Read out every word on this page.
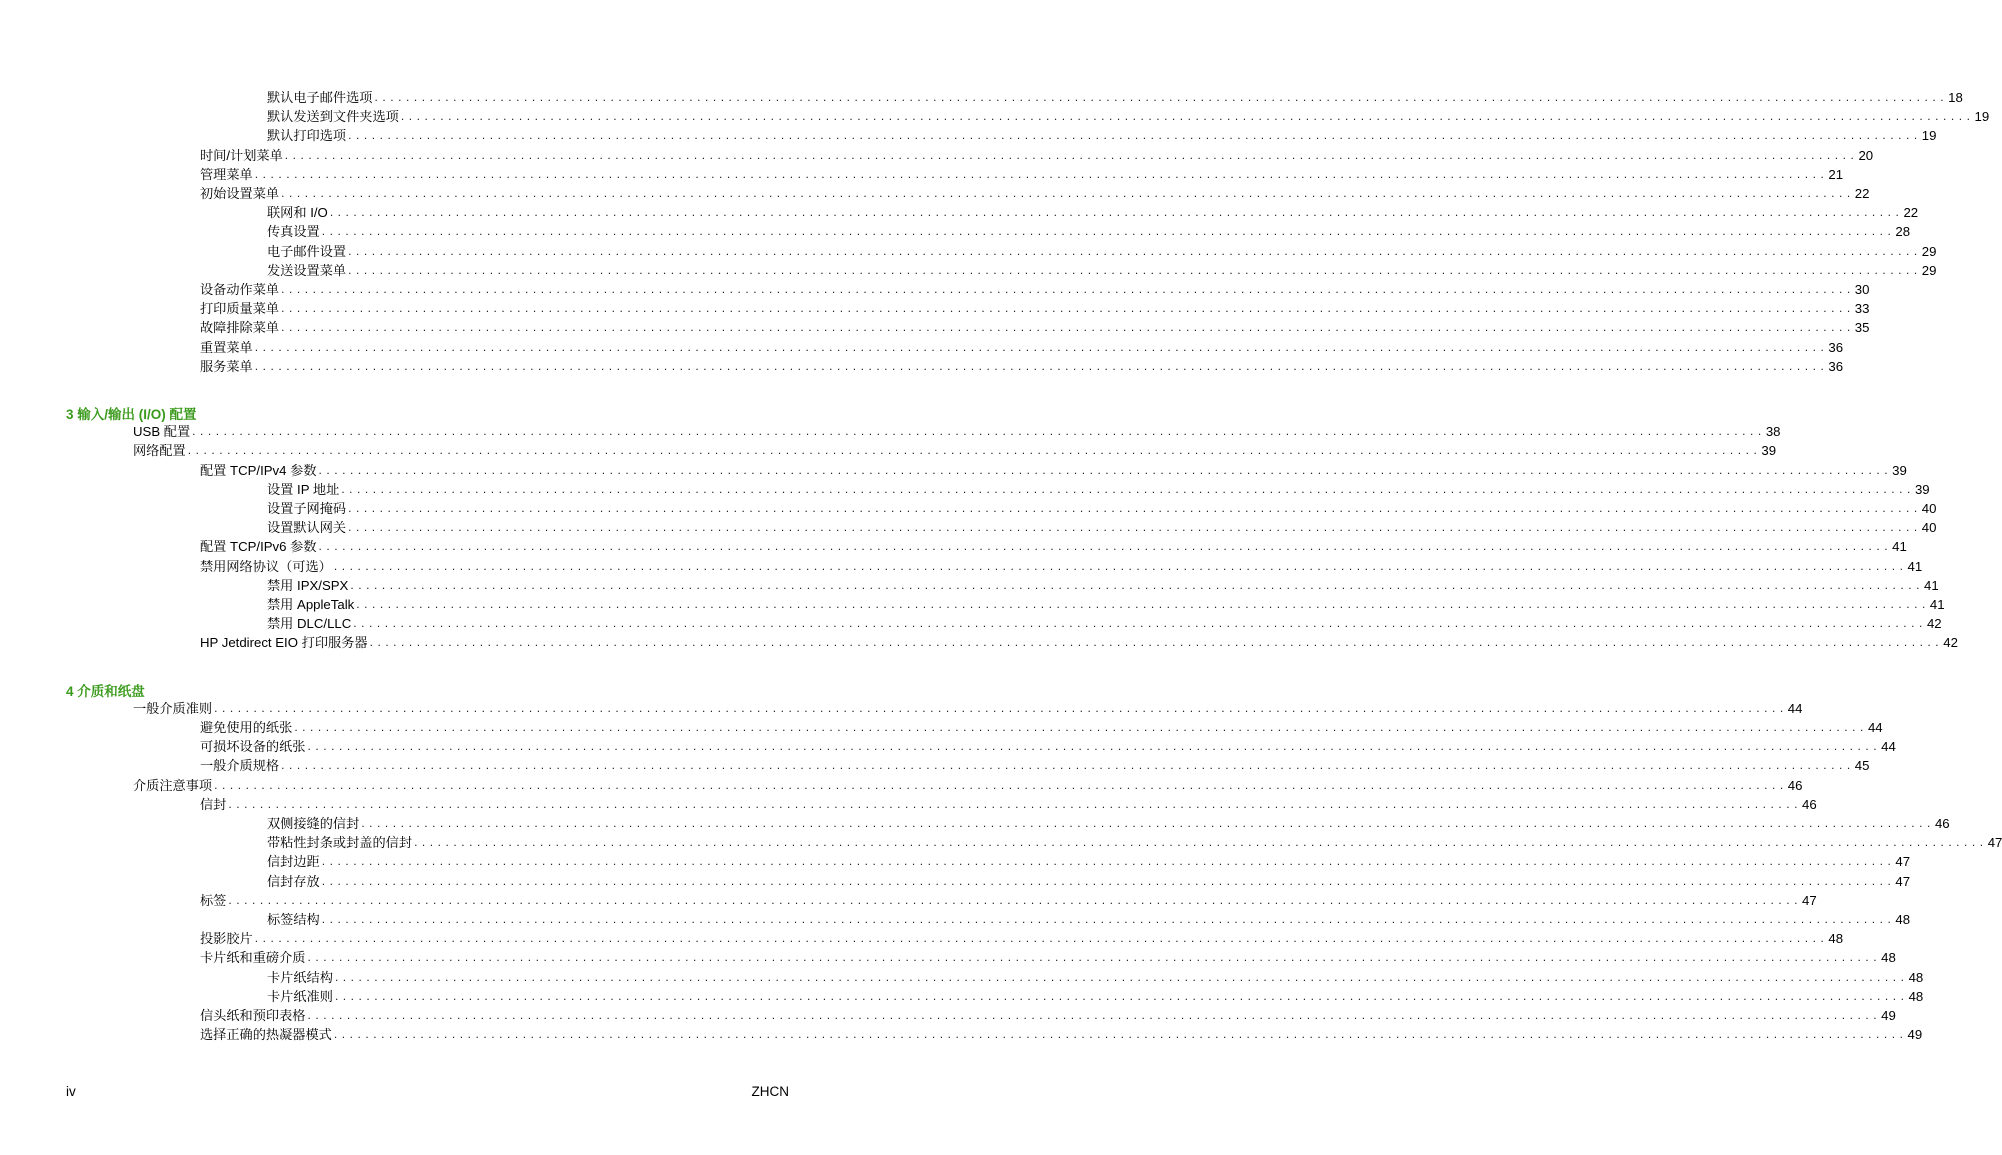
默认电子邮件选项 . . . . . . . . . . . . . . . . . . . . . . . . . . . . . . . . . . . . . . . . . . . . . . . . . . . . . . . . . . . . . . . . . . . . . . . . . . . . . . . . . . . . . . . . . . . . . . . . . . . . . . . . . . . . . . . . . . . . . . . . . . . . . . . . . . . . . . . . . . . . . . . . . . . . . . . . . . . . . . . . . . . . . . . . . . . . . . . . . . . . . . . . . . . . . . . . . . . . . . . . 18
默认发送到文件夹选项 . . . . . . . . . . . . . . . . . . . . . . . . . . . . . . . . . . . . . . . . . . . . . . . . . . . . . . . . . . . . . . . . . . . . . . . . . . . . . . . . . . . . . . . . . . . . . . . . . . . . . . . . . . . . . . . . . . . . . . . . . . . . . . . . . . . . . . . . . . . . . . . . . . . . . . . . . . . . . . . . . . . . . . . . . . . . . . . . . . . . . . . . . . . . . . . . . . . . . . . . 19
默认打印选项 . . . . . . . . . . . . . . . . . . . . . . . . . . . . . . . . . . . . . . . . . . . . . . . . . . . . . . . . . . . . . . . . . . . . . . . . . . . . . . . . . . . . . . . . . . . . . . . . . . . . . . . . . . . . . . . . . . . . . . . . . . . . . . . . . . . . . . . . . . . . . . . . . . . . . . . . . . . . . . . . . . . . . . . . . . . . . . . . . . . . . . . . . . . . . . . . . . . . . . . . 19
时间/计划菜单 . . . . . . . . . . . . . . . . . . . . . . . . . . . . . . . . . . . . . . . . . . . . . . . . . . . . . . . . . . . . . . . . . . . . . . . . . . . . . . . . . . . . . . . . . . . . . . . . . . . . . . . . . . . . . . . . . . . . . . . . . . . . . . . . . . . . . . . . . . . . . . . . . . . . . . . . . . . . . . . . . . . . . . . . . . . . . . . . . . . . . . . . . . . . . . . . . . . . . . . . 20
管理菜单 . . . . . . . . . . . . . . . . . . . . . . . . . . . . . . . . . . . . . . . . . . . . . . . . . . . . . . . . . . . . . . . . . . . . . . . . . . . . . . . . . . . . . . . . . . . . . . . . . . . . . . . . . . . . . . . . . . . . . . . . . . . . . . . . . . . . . . . . . . . . . . . . . . . . . . . . . . . . . . . . . . . . . . . . . . . . . . . . . . . . . . . . . . . . . . . . . . . . . . . . 21
初始设置菜单 . . . . . . . . . . . . . . . . . . . . . . . . . . . . . . . . . . . . . . . . . . . . . . . . . . . . . . . . . . . . . . . . . . . . . . . . . . . . . . . . . . . . . . . . . . . . . . . . . . . . . . . . . . . . . . . . . . . . . . . . . . . . . . . . . . . . . . . . . . . . . . . . . . . . . . . . . . . . . . . . . . . . . . . . . . . . . . . . . . . . . . . . . . . . . . . . . . . . . . . . 22
联网和 I/O . . . . . . . . . . . . . . . . . . . . . . . . . . . . . . . . . . . . . . . . . . . . . . . . . . . . . . . . . . . . . . . . . . . . . . . . . . . . . . . . . . . . . . . . . . . . . . . . . . . . . . . . . . . . . . . . . . . . . . . . . . . . . . . . . . . . . . . . . . . . . . . . . . . . . . . . . . . . . . . . . . . . . . . . . . . . . . . . . . . . . . . . . . . . . . . . . . . . . . . . 22
传真设置 . . . . . . . . . . . . . . . . . . . . . . . . . . . . . . . . . . . . . . . . . . . . . . . . . . . . . . . . . . . . . . . . . . . . . . . . . . . . . . . . . . . . . . . . . . . . . . . . . . . . . . . . . . . . . . . . . . . . . . . . . . . . . . . . . . . . . . . . . . . . . . . . . . . . . . . . . . . . . . . . . . . . . . . . . . . . . . . . . . . . . . . . . . . . . . . . . . . . . . . . 28
电子邮件设置 . . . . . . . . . . . . . . . . . . . . . . . . . . . . . . . . . . . . . . . . . . . . . . . . . . . . . . . . . . . . . . . . . . . . . . . . . . . . . . . . . . . . . . . . . . . . . . . . . . . . . . . . . . . . . . . . . . . . . . . . . . . . . . . . . . . . . . . . . . . . . . . . . . . . . . . . . . . . . . . . . . . . . . . . . . . . . . . . . . . . . . . . . . . . . . . . . . . . . . . . 29
发送设置菜单 . . . . . . . . . . . . . . . . . . . . . . . . . . . . . . . . . . . . . . . . . . . . . . . . . . . . . . . . . . . . . . . . . . . . . . . . . . . . . . . . . . . . . . . . . . . . . . . . . . . . . . . . . . . . . . . . . . . . . . . . . . . . . . . . . . . . . . . . . . . . . . . . . . . . . . . . . . . . . . . . . . . . . . . . . . . . . . . . . . . . . . . . . . . . . . . . . . . . . . . . 29
设备动作菜单 . . . . . . . . . . . . . . . . . . . . . . . . . . . . . . . . . . . . . . . . . . . . . . . . . . . . . . . . . . . . . . . . . . . . . . . . . . . . . . . . . . . . . . . . . . . . . . . . . . . . . . . . . . . . . . . . . . . . . . . . . . . . . . . . . . . . . . . . . . . . . . . . . . . . . . . . . . . . . . . . . . . . . . . . . . . . . . . . . . . . . . . . . . . . . . . . . . . . . . . . 30
打印质量菜单 . . . . . . . . . . . . . . . . . . . . . . . . . . . . . . . . . . . . . . . . . . . . . . . . . . . . . . . . . . . . . . . . . . . . . . . . . . . . . . . . . . . . . . . . . . . . . . . . . . . . . . . . . . . . . . . . . . . . . . . . . . . . . . . . . . . . . . . . . . . . . . . . . . . . . . . . . . . . . . . . . . . . . . . . . . . . . . . . . . . . . . . . . . . . . . . . . . . . . . . . 33
故障排除菜单 . . . . . . . . . . . . . . . . . . . . . . . . . . . . . . . . . . . . . . . . . . . . . . . . . . . . . . . . . . . . . . . . . . . . . . . . . . . . . . . . . . . . . . . . . . . . . . . . . . . . . . . . . . . . . . . . . . . . . . . . . . . . . . . . . . . . . . . . . . . . . . . . . . . . . . . . . . . . . . . . . . . . . . . . . . . . . . . . . . . . . . . . . . . . . . . . . . . . . . . . 35
重置菜单 . . . . . . . . . . . . . . . . . . . . . . . . . . . . . . . . . . . . . . . . . . . . . . . . . . . . . . . . . . . . . . . . . . . . . . . . . . . . . . . . . . . . . . . . . . . . . . . . . . . . . . . . . . . . . . . . . . . . . . . . . . . . . . . . . . . . . . . . . . . . . . . . . . . . . . . . . . . . . . . . . . . . . . . . . . . . . . . . . . . . . . . . . . . . . . . . . . . . . . . . 36
服务菜单 . . . . . . . . . . . . . . . . . . . . . . . . . . . . . . . . . . . . . . . . . . . . . . . . . . . . . . . . . . . . . . . . . . . . . . . . . . . . . . . . . . . . . . . . . . . . . . . . . . . . . . . . . . . . . . . . . . . . . . . . . . . . . . . . . . . . . . . . . . . . . . . . . . . . . . . . . . . . . . . . . . . . . . . . . . . . . . . . . . . . . . . . . . . . . . . . . . . . . . . . 36
3 输入/输出 (I/O) 配置
USB 配置 . . . . . . . . . . . . . . . . . . . . . . . . . . . . . . . . . . . . . . . . . . . . . . . . . . . . . . . . . . . . . . . . . . . . . . . . . . . . . . . . . . . . . . . . . . . . . . . . . . . . . . . . . . . . . . . . . . . . . . . . . . . . . . . . . . . . . . . . . . . . . . . . . . . . . . . . . . . . . . . . . . . . . . . . . . . . . . . . . . . . . . . . . . . . . . . . . . . . . . . . 38
网络配置 . . . . . . . . . . . . . . . . . . . . . . . . . . . . . . . . . . . . . . . . . . . . . . . . . . . . . . . . . . . . . . . . . . . . . . . . . . . . . . . . . . . . . . . . . . . . . . . . . . . . . . . . . . . . . . . . . . . . . . . . . . . . . . . . . . . . . . . . . . . . . . . . . . . . . . . . . . . . . . . . . . . . . . . . . . . . . . . . . . . . . . . . . . . . . . . . . . . . . . . . 39
配置 TCP/IPv4 参数 . . . . . . . . . . . . . . . . . . . . . . . . . . . . . . . . . . . . . . . . . . . . . . . . . . . . . . . . . . . . . . . . . . . . . . . . . . . . . . . . . . . . . . . . . . . . . . . . . . . . . . . . . . . . . . . . . . . . . . . . . . . . . . . . . . . . . . . . . . . . . . . . . . . . . . . . . . . . . . . . . . . . . . . . . . . . . . . . . . . . . . . . . . . . . . . . . . . . . . . . 39
设置 IP 地址 . . . . . . . . . . . . . . . . . . . . . . . . . . . . . . . . . . . . . . . . . . . . . . . . . . . . . . . . . . . . . . . . . . . . . . . . . . . . . . . . . . . . . . . . . . . . . . . . . . . . . . . . . . . . . . . . . . . . . . . . . . . . . . . . . . . . . . . . . . . . . . . . . . . . . . . . . . . . . . . . . . . . . . . . . . . . . . . . . . . . . . . . . . . . . . . . . . . . . . . . 39
设置子网掩码 . . . . . . . . . . . . . . . . . . . . . . . . . . . . . . . . . . . . . . . . . . . . . . . . . . . . . . . . . . . . . . . . . . . . . . . . . . . . . . . . . . . . . . . . . . . . . . . . . . . . . . . . . . . . . . . . . . . . . . . . . . . . . . . . . . . . . . . . . . . . . . . . . . . . . . . . . . . . . . . . . . . . . . . . . . . . . . . . . . . . . . . . . . . . . . . . . . . . . . . . 40
设置默认网关 . . . . . . . . . . . . . . . . . . . . . . . . . . . . . . . . . . . . . . . . . . . . . . . . . . . . . . . . . . . . . . . . . . . . . . . . . . . . . . . . . . . . . . . . . . . . . . . . . . . . . . . . . . . . . . . . . . . . . . . . . . . . . . . . . . . . . . . . . . . . . . . . . . . . . . . . . . . . . . . . . . . . . . . . . . . . . . . . . . . . . . . . . . . . . . . . . . . . . . . . 40
配置 TCP/IPv6 参数 . . . . . . . . . . . . . . . . . . . . . . . . . . . . . . . . . . . . . . . . . . . . . . . . . . . . . . . . . . . . . . . . . . . . . . . . . . . . . . . . . . . . . . . . . . . . . . . . . . . . . . . . . . . . . . . . . . . . . . . . . . . . . . . . . . . . . . . . . . . . . . . . . . . . . . . . . . . . . . . . . . . . . . . . . . . . . . . . . . . . . . . . . . . . . . . . . . . . . . . . 41
禁用网络协议（可选） . . . . . . . . . . . . . . . . . . . . . . . . . . . . . . . . . . . . . . . . . . . . . . . . . . . . . . . . . . . . . . . . . . . . . . . . . . . . . . . . . . . . . . . . . . . . . . . . . . . . . . . . . . . . . . . . . . . . . . . . . . . . . . . . . . . . . . . . . . . . . . . . . . . . . . . . . . . . . . . . . . . . . . . . . . . . . . . . . . . . . . . . . . . . . . . . . . . . . . . . 41
禁用 IPX/SPX . . . . . . . . . . . . . . . . . . . . . . . . . . . . . . . . . . . . . . . . . . . . . . . . . . . . . . . . . . . . . . . . . . . . . . . . . . . . . . . . . . . . . . . . . . . . . . . . . . . . . . . . . . . . . . . . . . . . . . . . . . . . . . . . . . . . . . . . . . . . . . . . . . . . . . . . . . . . . . . . . . . . . . . . . . . . . . . . . . . . . . . . . . . . . . . . . . . . . . . . 41
禁用 AppleTalk . . . . . . . . . . . . . . . . . . . . . . . . . . . . . . . . . . . . . . . . . . . . . . . . . . . . . . . . . . . . . . . . . . . . . . . . . . . . . . . . . . . . . . . . . . . . . . . . . . . . . . . . . . . . . . . . . . . . . . . . . . . . . . . . . . . . . . . . . . . . . . . . . . . . . . . . . . . . . . . . . . . . . . . . . . . . . . . . . . . . . . . . . . . . . . . . . . . . . . . . 41
禁用 DLC/LLC . . . . . . . . . . . . . . . . . . . . . . . . . . . . . . . . . . . . . . . . . . . . . . . . . . . . . . . . . . . . . . . . . . . . . . . . . . . . . . . . . . . . . . . . . . . . . . . . . . . . . . . . . . . . . . . . . . . . . . . . . . . . . . . . . . . . . . . . . . . . . . . . . . . . . . . . . . . . . . . . . . . . . . . . . . . . . . . . . . . . . . . . . . . . . . . . . . . . . . . . 42
HP Jetdirect EIO 打印服务器 . . . . . . . . . . . . . . . . . . . . . . . . . . . . . . . . . . . . . . . . . . . . . . . . . . . . . . . . . . . . . . . . . . . . . . . . . . . . . . . . . . . . . . . . . . . . . . . . . . . . . . . . . . . . . . . . . . . . . . . . . . . . . . . . . . . . . . . . . . . . . . . . . . . . . . . . . . . . . . . . . . . . . . . . . . . . . . . . . . . . . . . . . . . . . . . . . . . . . . . . 42
4 介质和纸盘
一般介质准则 . . . . . . . . . . . . . . . . . . . . . . . . . . . . . . . . . . . . . . . . . . . . . . . . . . . . . . . . . . . . . . . . . . . . . . . . . . . . . . . . . . . . . . . . . . . . . . . . . . . . . . . . . . . . . . . . . . . . . . . . . . . . . . . . . . . . . . . . . . . . . . . . . . . . . . . . . . . . . . . . . . . . . . . . . . . . . . . . . . . . . . . . . . . . . . . . . . . . . . . . 44
避免使用的纸张 . . . . . . . . . . . . . . . . . . . . . . . . . . . . . . . . . . . . . . . . . . . . . . . . . . . . . . . . . . . . . . . . . . . . . . . . . . . . . . . . . . . . . . . . . . . . . . . . . . . . . . . . . . . . . . . . . . . . . . . . . . . . . . . . . . . . . . . . . . . . . . . . . . . . . . . . . . . . . . . . . . . . . . . . . . . . . . . . . . . . . . . . . . . . . . . . . . . . . . . . 44
可损坏设备的纸张 . . . . . . . . . . . . . . . . . . . . . . . . . . . . . . . . . . . . . . . . . . . . . . . . . . . . . . . . . . . . . . . . . . . . . . . . . . . . . . . . . . . . . . . . . . . . . . . . . . . . . . . . . . . . . . . . . . . . . . . . . . . . . . . . . . . . . . . . . . . . . . . . . . . . . . . . . . . . . . . . . . . . . . . . . . . . . . . . . . . . . . . . . . . . . . . . . . . . . . . . 44
一般介质规格 . . . . . . . . . . . . . . . . . . . . . . . . . . . . . . . . . . . . . . . . . . . . . . . . . . . . . . . . . . . . . . . . . . . . . . . . . . . . . . . . . . . . . . . . . . . . . . . . . . . . . . . . . . . . . . . . . . . . . . . . . . . . . . . . . . . . . . . . . . . . . . . . . . . . . . . . . . . . . . . . . . . . . . . . . . . . . . . . . . . . . . . . . . . . . . . . . . . . . . . . 45
介质注意事项 . . . . . . . . . . . . . . . . . . . . . . . . . . . . . . . . . . . . . . . . . . . . . . . . . . . . . . . . . . . . . . . . . . . . . . . . . . . . . . . . . . . . . . . . . . . . . . . . . . . . . . . . . . . . . . . . . . . . . . . . . . . . . . . . . . . . . . . . . . . . . . . . . . . . . . . . . . . . . . . . . . . . . . . . . . . . . . . . . . . . . . . . . . . . . . . . . . . . . . . . 46
信封 . . . . . . . . . . . . . . . . . . . . . . . . . . . . . . . . . . . . . . . . . . . . . . . . . . . . . . . . . . . . . . . . . . . . . . . . . . . . . . . . . . . . . . . . . . . . . . . . . . . . . . . . . . . . . . . . . . . . . . . . . . . . . . . . . . . . . . . . . . . . . . . . . . . . . . . . . . . . . . . . . . . . . . . . . . . . . . . . . . . . . . . . . . . . . . . . . . . . . . . . 46
双侧接缝的信封 . . . . . . . . . . . . . . . . . . . . . . . . . . . . . . . . . . . . . . . . . . . . . . . . . . . . . . . . . . . . . . . . . . . . . . . . . . . . . . . . . . . . . . . . . . . . . . . . . . . . . . . . . . . . . . . . . . . . . . . . . . . . . . . . . . . . . . . . . . . . . . . . . . . . . . . . . . . . . . . . . . . . . . . . . . . . . . . . . . . . . . . . . . . . . . . . . . . . . . . . 46
带粘性封条或封盖的信封 . . . . . . . . . . . . . . . . . . . . . . . . . . . . . . . . . . . . . . . . . . . . . . . . . . . . . . . . . . . . . . . . . . . . . . . . . . . . . . . . . . . . . . . . . . . . . . . . . . . . . . . . . . . . . . . . . . . . . . . . . . . . . . . . . . . . . . . . . . . . . . . . . . . . . . . . . . . . . . . . . . . . . . . . . . . . . . . . . . . . . . . . . . . . . . . . . . . . . . . . 47
信封边距 . . . . . . . . . . . . . . . . . . . . . . . . . . . . . . . . . . . . . . . . . . . . . . . . . . . . . . . . . . . . . . . . . . . . . . . . . . . . . . . . . . . . . . . . . . . . . . . . . . . . . . . . . . . . . . . . . . . . . . . . . . . . . . . . . . . . . . . . . . . . . . . . . . . . . . . . . . . . . . . . . . . . . . . . . . . . . . . . . . . . . . . . . . . . . . . . . . . . . . . . 47
信封存放 . . . . . . . . . . . . . . . . . . . . . . . . . . . . . . . . . . . . . . . . . . . . . . . . . . . . . . . . . . . . . . . . . . . . . . . . . . . . . . . . . . . . . . . . . . . . . . . . . . . . . . . . . . . . . . . . . . . . . . . . . . . . . . . . . . . . . . . . . . . . . . . . . . . . . . . . . . . . . . . . . . . . . . . . . . . . . . . . . . . . . . . . . . . . . . . . . . . . . . . . 47
标签 . . . . . . . . . . . . . . . . . . . . . . . . . . . . . . . . . . . . . . . . . . . . . . . . . . . . . . . . . . . . . . . . . . . . . . . . . . . . . . . . . . . . . . . . . . . . . . . . . . . . . . . . . . . . . . . . . . . . . . . . . . . . . . . . . . . . . . . . . . . . . . . . . . . . . . . . . . . . . . . . . . . . . . . . . . . . . . . . . . . . . . . . . . . . . . . . . . . . . . . . 47
标签结构 . . . . . . . . . . . . . . . . . . . . . . . . . . . . . . . . . . . . . . . . . . . . . . . . . . . . . . . . . . . . . . . . . . . . . . . . . . . . . . . . . . . . . . . . . . . . . . . . . . . . . . . . . . . . . . . . . . . . . . . . . . . . . . . . . . . . . . . . . . . . . . . . . . . . . . . . . . . . . . . . . . . . . . . . . . . . . . . . . . . . . . . . . . . . . . . . . . . . . . . . 48
投影胶片 . . . . . . . . . . . . . . . . . . . . . . . . . . . . . . . . . . . . . . . . . . . . . . . . . . . . . . . . . . . . . . . . . . . . . . . . . . . . . . . . . . . . . . . . . . . . . . . . . . . . . . . . . . . . . . . . . . . . . . . . . . . . . . . . . . . . . . . . . . . . . . . . . . . . . . . . . . . . . . . . . . . . . . . . . . . . . . . . . . . . . . . . . . . . . . . . . . . . . . . . 48
卡片纸和重磅介质 . . . . . . . . . . . . . . . . . . . . . . . . . . . . . . . . . . . . . . . . . . . . . . . . . . . . . . . . . . . . . . . . . . . . . . . . . . . . . . . . . . . . . . . . . . . . . . . . . . . . . . . . . . . . . . . . . . . . . . . . . . . . . . . . . . . . . . . . . . . . . . . . . . . . . . . . . . . . . . . . . . . . . . . . . . . . . . . . . . . . . . . . . . . . . . . . . . . . . . . . 48
卡片纸结构 . . . . . . . . . . . . . . . . . . . . . . . . . . . . . . . . . . . . . . . . . . . . . . . . . . . . . . . . . . . . . . . . . . . . . . . . . . . . . . . . . . . . . . . . . . . . . . . . . . . . . . . . . . . . . . . . . . . . . . . . . . . . . . . . . . . . . . . . . . . . . . . . . . . . . . . . . . . . . . . . . . . . . . . . . . . . . . . . . . . . . . . . . . . . . . . . . . . . . . . . 48
卡片纸准则 . . . . . . . . . . . . . . . . . . . . . . . . . . . . . . . . . . . . . . . . . . . . . . . . . . . . . . . . . . . . . . . . . . . . . . . . . . . . . . . . . . . . . . . . . . . . . . . . . . . . . . . . . . . . . . . . . . . . . . . . . . . . . . . . . . . . . . . . . . . . . . . . . . . . . . . . . . . . . . . . . . . . . . . . . . . . . . . . . . . . . . . . . . . . . . . . . . . . . . . . 48
信头纸和预印表格 . . . . . . . . . . . . . . . . . . . . . . . . . . . . . . . . . . . . . . . . . . . . . . . . . . . . . . . . . . . . . . . . . . . . . . . . . . . . . . . . . . . . . . . . . . . . . . . . . . . . . . . . . . . . . . . . . . . . . . . . . . . . . . . . . . . . . . . . . . . . . . . . . . . . . . . . . . . . . . . . . . . . . . . . . . . . . . . . . . . . . . . . . . . . . . . . . . . . . . . . 49
选择正确的热凝器模式 . . . . . . . . . . . . . . . . . . . . . . . . . . . . . . . . . . . . . . . . . . . . . . . . . . . . . . . . . . . . . . . . . . . . . . . . . . . . . . . . . . . . . . . . . . . . . . . . . . . . . . . . . . . . . . . . . . . . . . . . . . . . . . . . . . . . . . . . . . . . . . . . . . . . . . . . . . . . . . . . . . . . . . . . . . . . . . . . . . . . . . . . . . . . . . . . . . . . . . . . 49
iv	ZHCN
